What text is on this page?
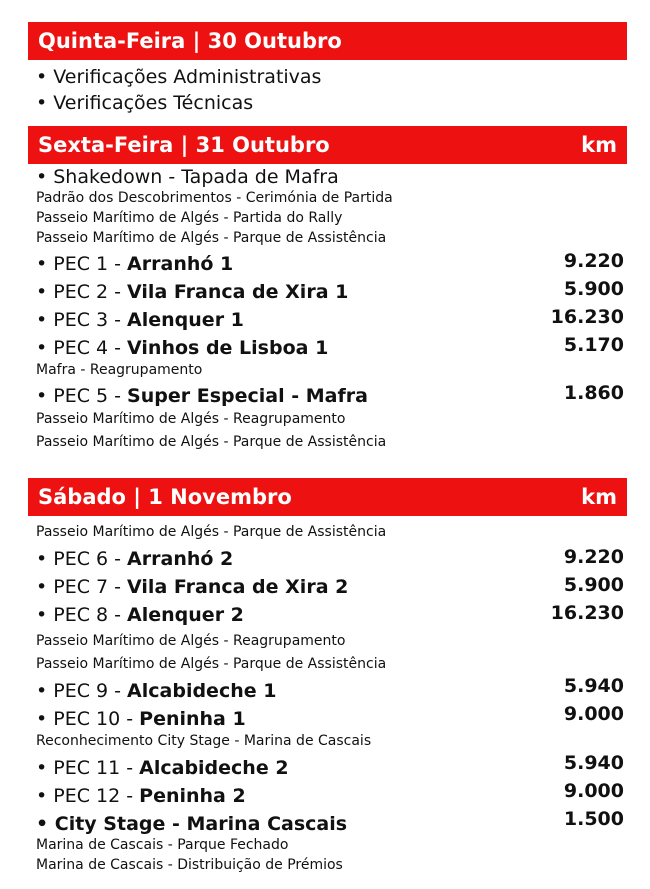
Quinta-Feira | 30 Outubro
• Verificações Administrativas
• Verificações Técnicas
Sexta-Feira | 31 Outubro	km
• Shakedown - Tapada de Mafra
Padrão dos Descobrimentos - Cerimónia de Partida
Passeio Marítimo de Algés - Partida do Rally
Passeio Marítimo de Algés - Parque de Assistência
• PEC 1 - Arranhó 1	9.220
• PEC 2 - Vila Franca de Xira 1	5.900
• PEC 3 - Alenquer 1	16.230
• PEC 4 - Vinhos de Lisboa 1	5.170
Mafra - Reagrupamento
• PEC 5 - Super Especial - Mafra	1.860
Passeio Marítimo de Algés - Reagrupamento
Passeio Marítimo de Algés - Parque de Assistência
Sábado | 1 Novembro	km
Passeio Marítimo de Algés - Parque de Assistência
• PEC 6 - Arranhó 2	9.220
• PEC 7 - Vila Franca de Xira 2	5.900
• PEC 8 - Alenquer 2	16.230
Passeio Marítimo de Algés - Reagrupamento
Passeio Marítimo de Algés - Parque de Assistência
• PEC 9 - Alcabideche 1	5.940
• PEC 10 - Peninha 1	9.000
Reconhecimento City Stage - Marina de Cascais
• PEC 11 - Alcabideche 2	5.940
• PEC 12 - Peninha 2	9.000
• City Stage - Marina Cascais	1.500
Marina de Cascais - Parque Fechado
Marina de Cascais - Distribuição de Prémios
